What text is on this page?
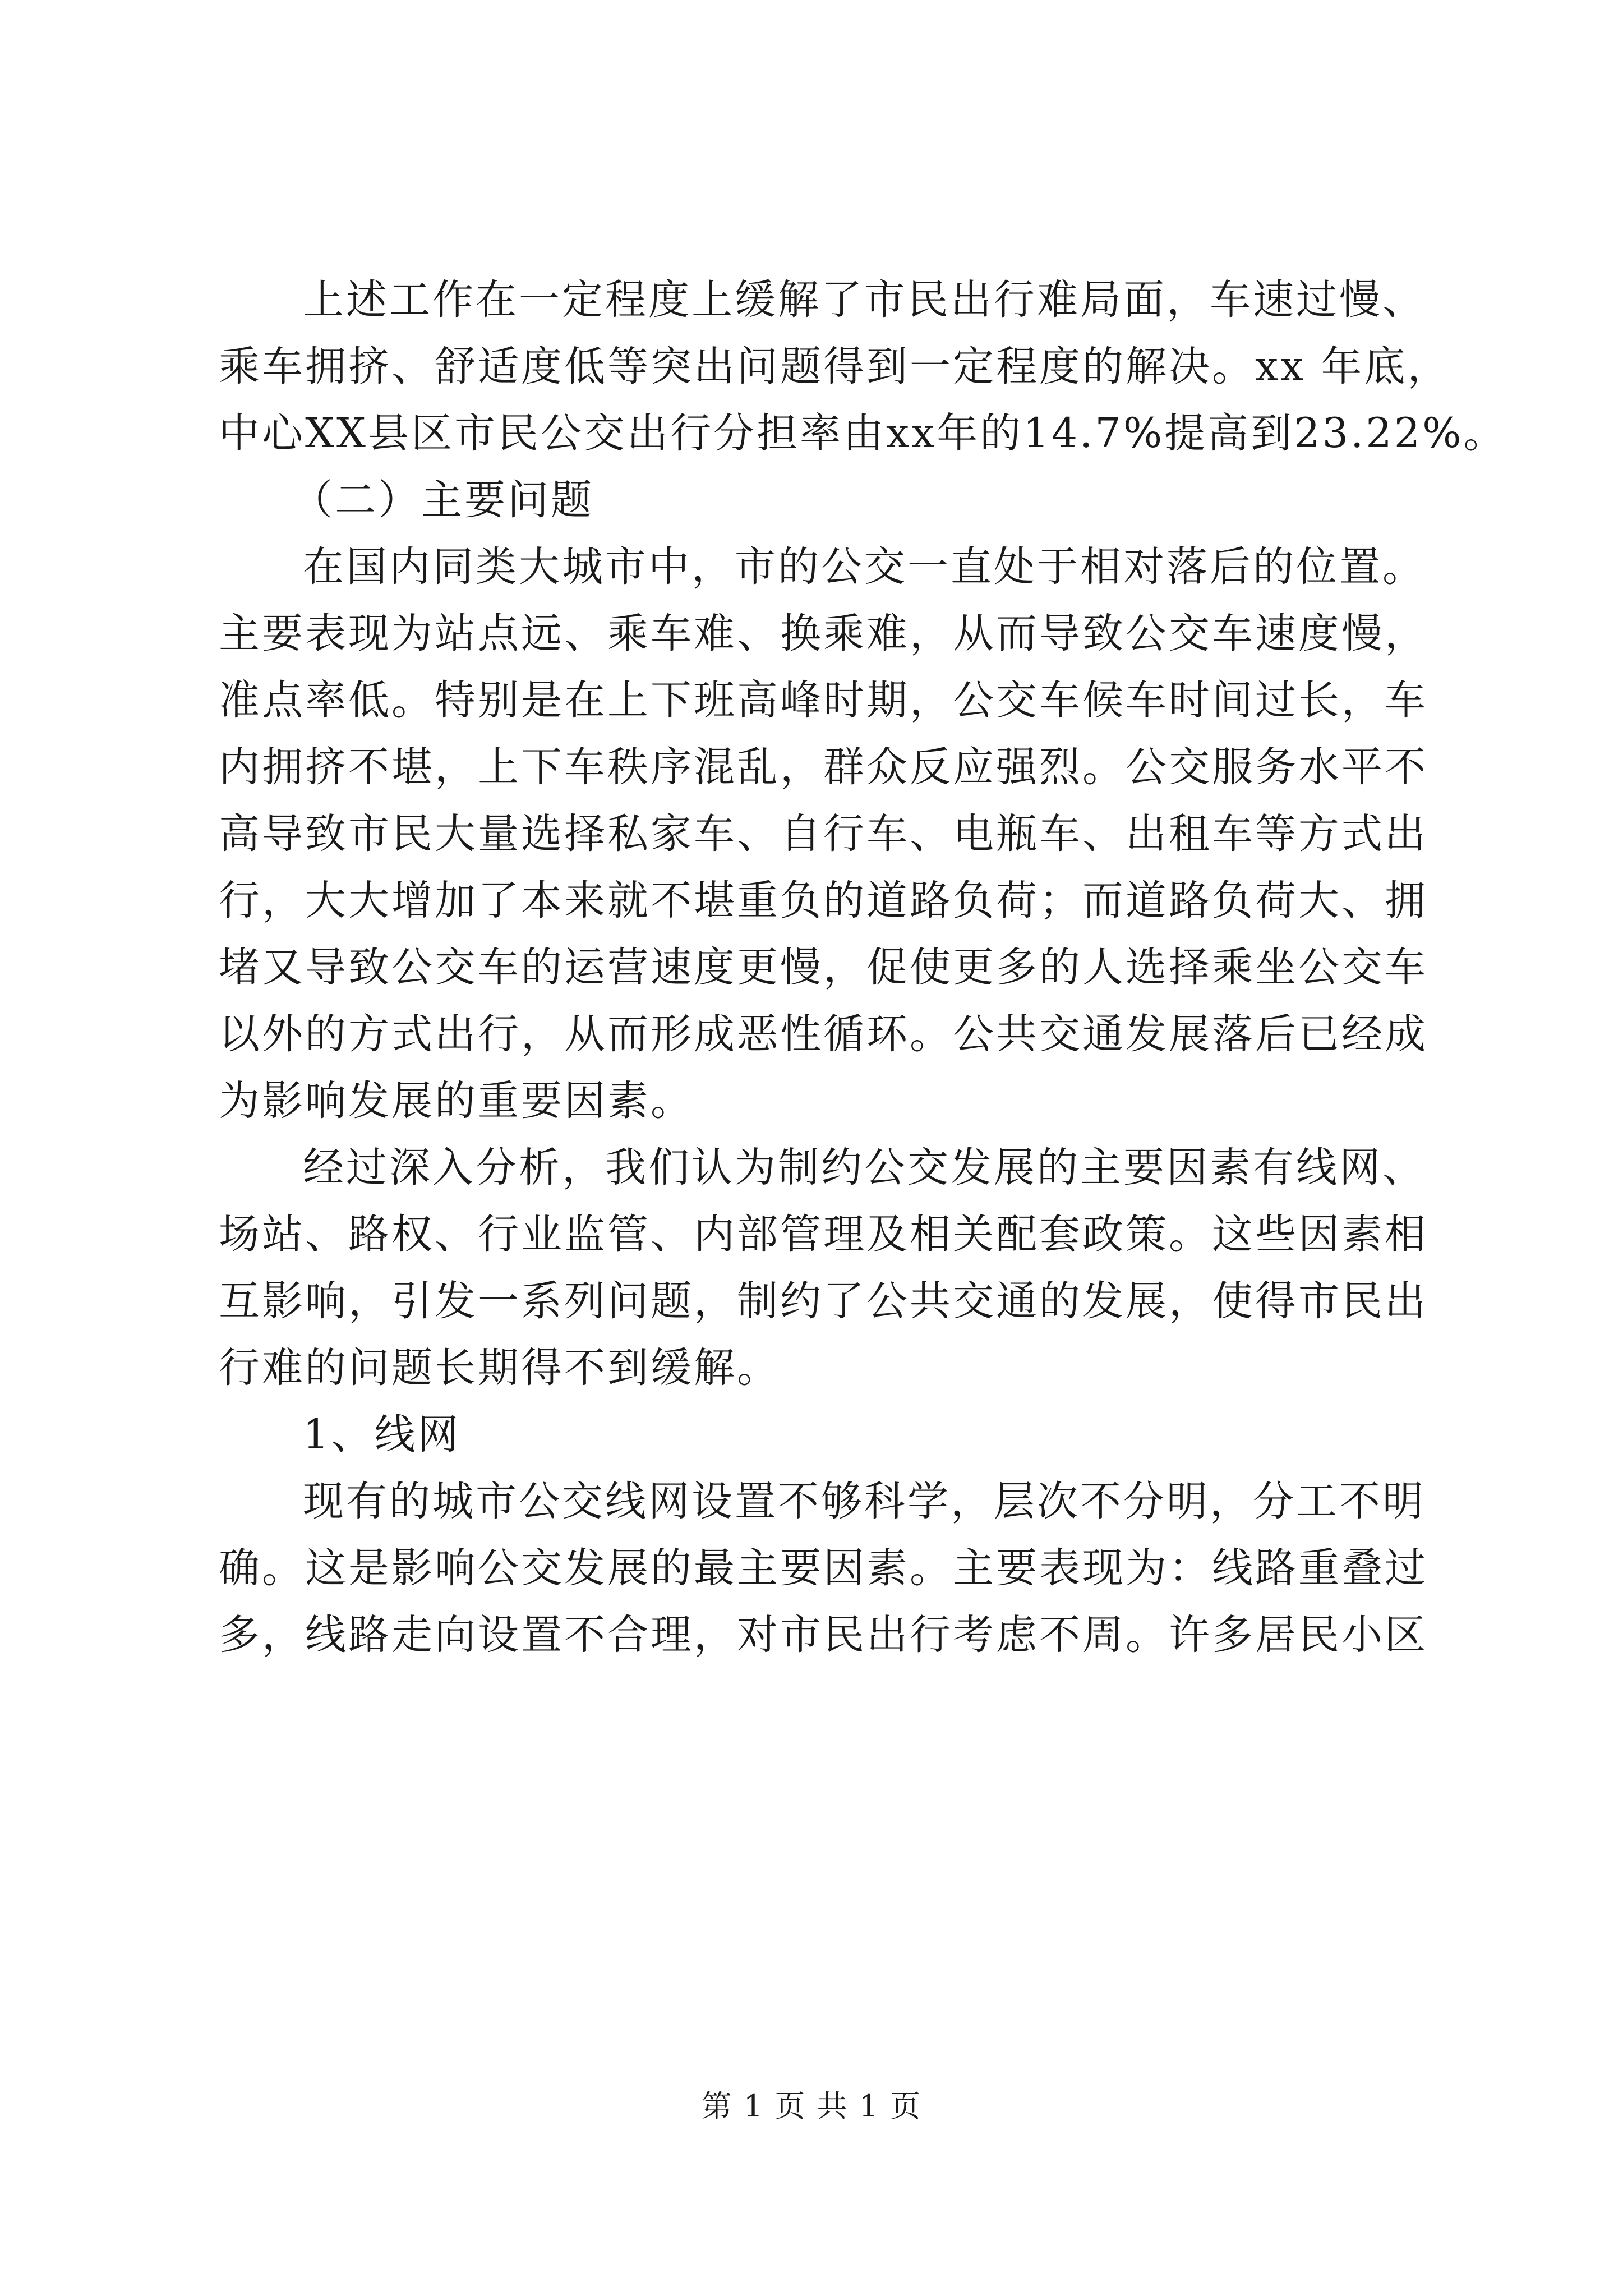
上述工作在一定程度上缓解了市民出行难局面，车速过慢、
乘车拥挤、舒适度低等突出问题得到一定程度的解决。xx 年底，
中心XX县区市民公交出行分担率由xx年的14.7%提高到23.22%。
（二）主要问题
在国内同类大城市中，市的公交一直处于相对落后的位置。
主要表现为站点远、乘车难、换乘难，从而导致公交车速度慢，
准点率低。特别是在上下班高峰时期，公交车候车时间过长，车
内拥挤不堪，上下车秩序混乱，群众反应强烈。公交服务水平不
高导致市民大量选择私家车、自行车、电瓶车、出租车等方式出
行，大大增加了本来就不堪重负的道路负荷；而道路负荷大、拥
堵又导致公交车的运营速度更慢，促使更多的人选择乘坐公交车
以外的方式出行，从而形成恶性循环。公共交通发展落后已经成
为影响发展的重要因素。
经过深入分析，我们认为制约公交发展的主要因素有线网、
场站、路权、行业监管、内部管理及相关配套政策。这些因素相
互影响，引发一系列问题，制约了公共交通的发展，使得市民出
行难的问题长期得不到缓解。
1、线网
现有的城市公交线网设置不够科学，层次不分明，分工不明
确。这是影响公交发展的最主要因素。主要表现为：线路重叠过
多，线路走向设置不合理，对市民出行考虑不周。许多居民小区
第 1 页 共 1 页
